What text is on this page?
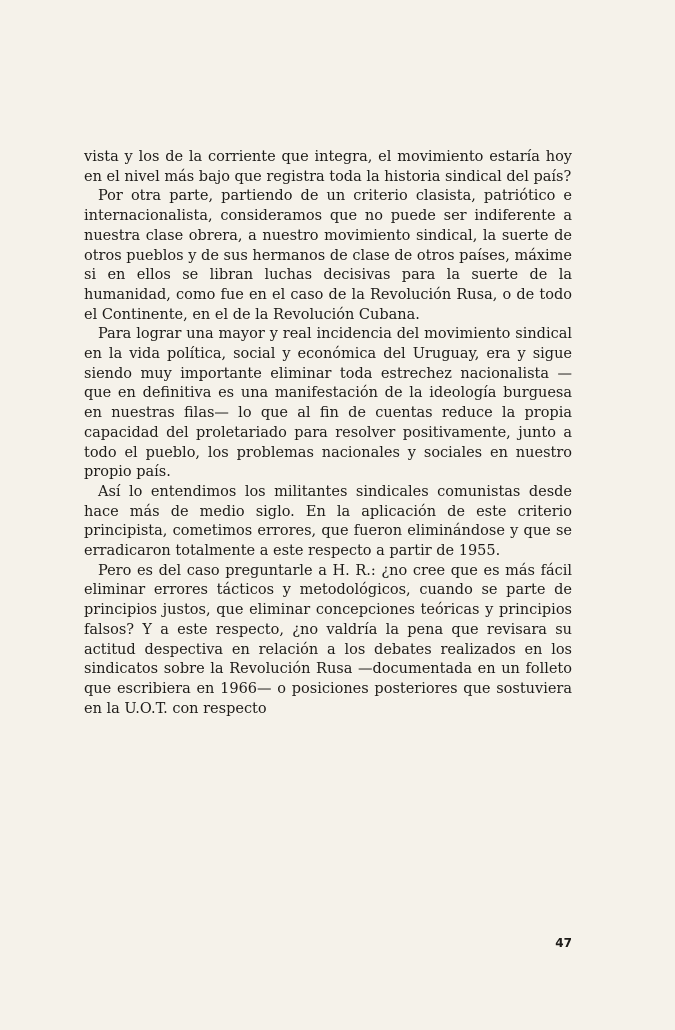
vista y los de la corriente que integra, el movimiento estaría hoy en el nivel más bajo que registra toda la historia sindical del país?

Por otra parte, partiendo de un criterio clasista, patriótico e internacionalista, consideramos que no puede ser indiferente a nuestra clase obrera, a nuestro movimiento sindical, la suerte de otros pueblos y de sus hermanos de clase de otros países, máxime si en ellos se libran luchas decisivas para la suerte de la humanidad, como fue en el caso de la Revolución Rusa, o de todo el Continente, en el de la Revolución Cubana.

Para lograr una mayor y real incidencia del movimiento sindical en la vida política, social y económica del Uruguay, era y sigue siendo muy importante eliminar toda estrechez nacionalista —que en definitiva es una manifestación de la ideología burguesa en nuestras filas— lo que al fin de cuentas reduce la propia capacidad del proletariado para resolver positivamente, junto a todo el pueblo, los problemas nacionales y sociales en nuestro propio país.

Así lo entendimos los militantes sindicales comunistas desde hace más de medio siglo. En la aplicación de este criterio principista, cometimos errores, que fueron eliminándose y que se erradicaron totalmente a este respecto a partir de 1955.

Pero es del caso preguntarle a H. R.: ¿no cree que es más fácil eliminar errores tácticos y metodológicos, cuando se parte de principios justos, que eliminar concepciones teóricas y principios falsos? Y a este respecto, ¿no valdría la pena que revisara su actitud despectiva en relación a los debates realizados en los sindicatos sobre la Revolución Rusa —documentada en un folleto que escribiera en 1966— o posiciones posteriores que sostuviera en la U.O.T. con respecto

47
